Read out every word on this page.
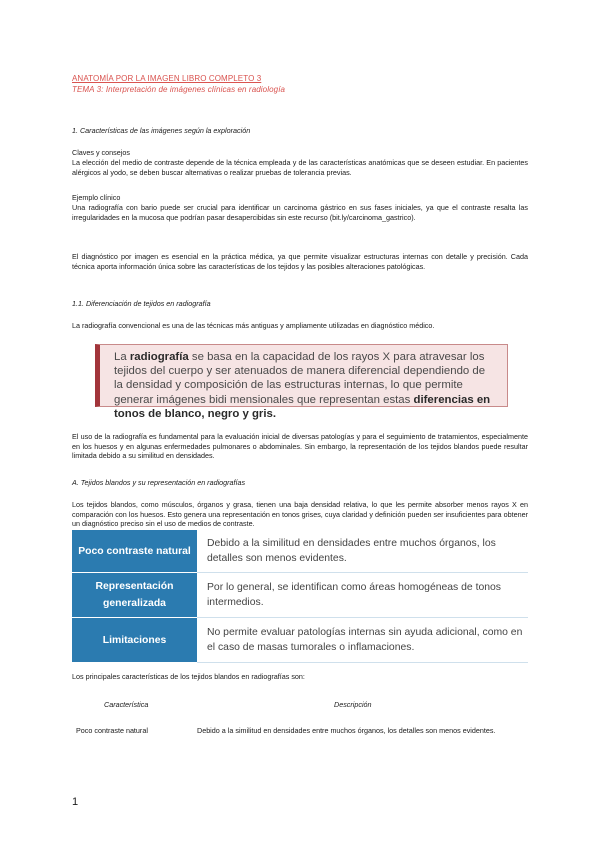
ANATOMÍA POR LA IMAGEN LIBRO COMPLETO 3
TEMA 3: Interpretación de imágenes clínicas en radiología
1. Características de las imágenes según la exploración
Claves y consejos
La elección del medio de contraste depende de la técnica empleada y de las características anatómicas que se deseen estudiar. En pacientes alérgicos al yodo, se deben buscar alternativas o realizar pruebas de tolerancia previas.
Ejemplo clínico
Una radiografía con bario puede ser crucial para identificar un carcinoma gástrico en sus fases iniciales, ya que el contraste resalta las irregularidades en la mucosa que podrían pasar desapercibidas sin este recurso (bit.ly/carcinoma_gastrico).
El diagnóstico por imagen es esencial en la práctica médica, ya que permite visualizar estructuras internas con detalle y precisión. Cada técnica aporta información única sobre las características de los tejidos y las posibles alteraciones patológicas.
1.1. Diferenciación de tejidos en radiografía
La radiografía convencional es una de las técnicas más antiguas y ampliamente utilizadas en diagnóstico médico.
La radiografía se basa en la capacidad de los rayos X para atravesar los tejidos del cuerpo y ser atenuados de manera diferencial dependiendo de la densidad y composición de las estructuras internas, lo que permite generar imágenes bidi mensionales que representan estas diferencias en tonos de blanco, negro y gris.
El uso de la radiografía es fundamental para la evaluación inicial de diversas patologías y para el seguimiento de tratamientos, especialmente en los huesos y en algunas enfermedades pulmonares o abdominales. Sin embargo, la representación de los tejidos blandos puede resultar limitada debido a su similitud en densidades.
A. Tejidos blandos y su representación en radiografías
Los tejidos blandos, como músculos, órganos y grasa, tienen una baja densidad relativa, lo que les permite absorber menos rayos X en comparación con los huesos. Esto genera una representación en tonos grises, cuya claridad y definición pueden ser insuficientes para obtener un diagnóstico preciso sin el uso de medios de contraste.
Poco contraste natural	Debido a la similitud en densidades entre muchos órganos, los detalles son menos evidentes.
Representación generalizada	Por lo general, se identifican como áreas homogéneas de tonos intermedios.
Limitaciones	No permite evaluar patologías internas sin ayuda adicional, como en el caso de masas tumorales o inflamaciones.
Los principales características de los tejidos blandos en radiografías son:
Característica	Descripción
Poco contraste natural	Debido a la similitud en densidades entre muchos órganos, los detalles son menos evidentes.
1
